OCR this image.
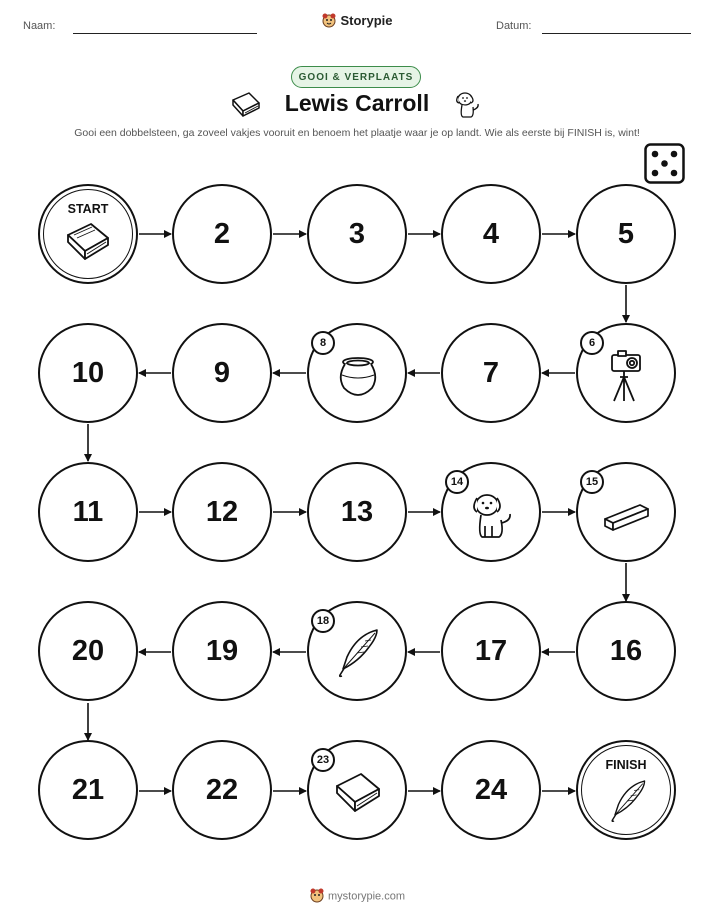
Naam:	Datum:
Storypie
GOOI & VERPLAATS
Lewis Carroll
Gooi een dobbelsteen, ga zoveel vakjes vooruit en benoem het plaatje waar je op landt. Wie als eerste bij FINISH is, wint!
START
2	3	4	5
10	9
8
7
6
11	12	13
14	15
20	19
18
17	16
21	22
23
24
FINISH
mystorypie.com
